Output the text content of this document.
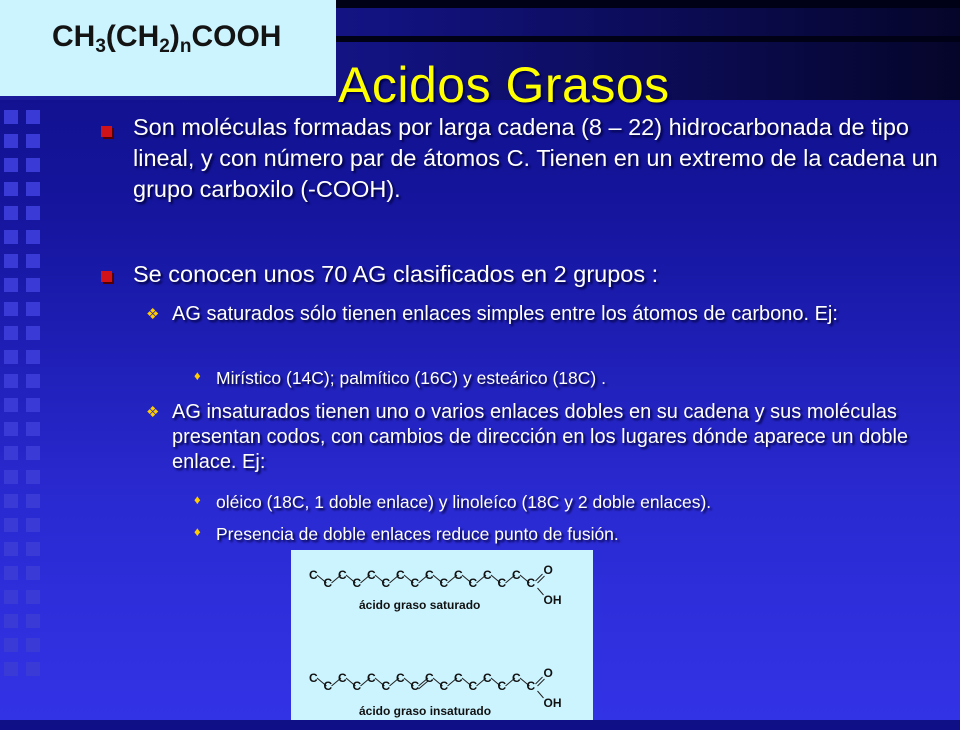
$CH_3(CH_2)_nCOOH$

Acidos Grasos
Son moléculas formadas por larga cadena (8 – 22) hidrocarbonada de tipo lineal, y con número par de átomos C. Tienen en un extremo de la cadena un grupo carboxilo (-COOH).
Se conocen unos 70 AG clasificados en 2 grupos :
❖ AG saturados sólo tienen enlaces simples entre los átomos de carbono. Ej:
♦ Mirístico (14C); palmítico (16C) y esteárico (18C) .
❖ AG insaturados tienen uno o varios enlaces dobles en su cadena y sus moléculas presentan codos, con cambios de dirección en los lugares dónde aparece un doble enlace. Ej:
♦ oléico (18C, 1 doble enlace) y linoleíco (18C y 2 doble enlaces).
♦ Presencia de doble enlaces reduce punto de fusión.
C
C
C
C
C
C
C
C
C
C
C
C
C
C
C
C
O
OH
C
C
C
C
C
C
C
C
C
C
C
C
C
C
C
C
O
OH
ácido graso saturado
ácido graso insaturado
